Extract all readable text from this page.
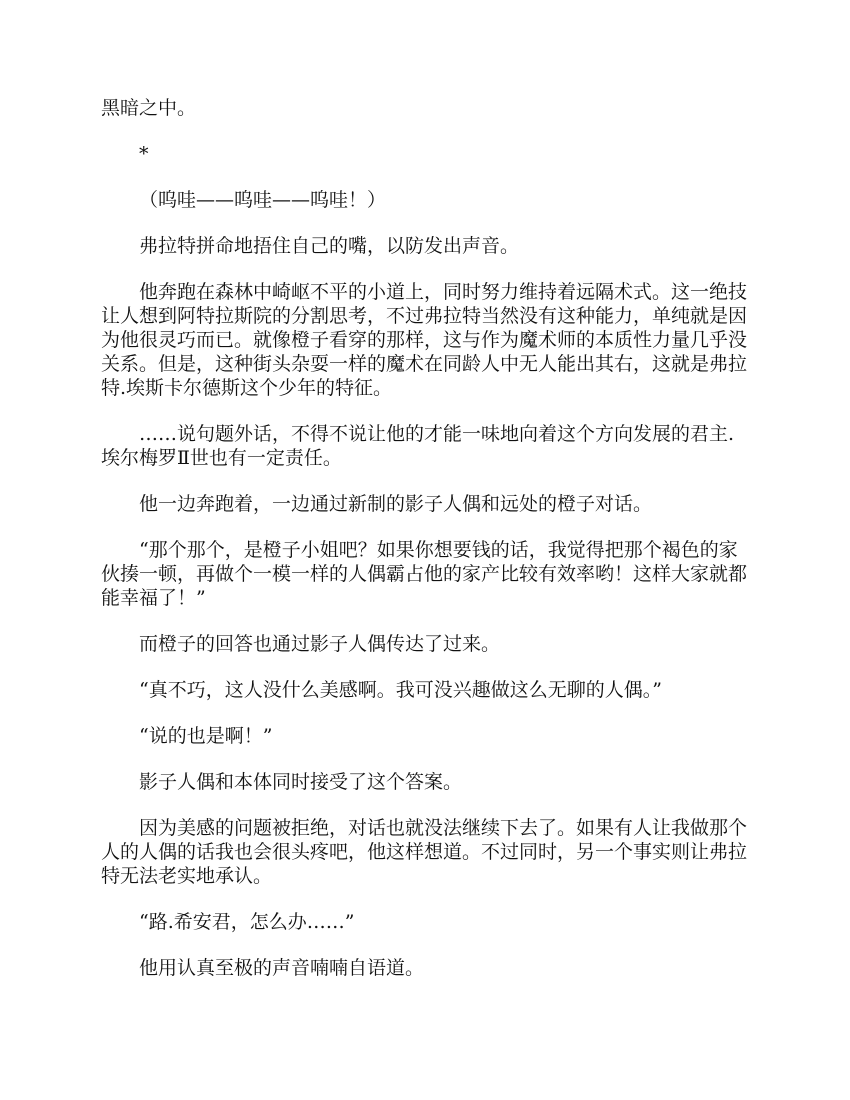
黑暗之中。

*

（呜哇——呜哇——呜哇！）

弗拉特拼命地捂住自己的嘴，以防发出声音。

他奔跑在森林中崎岖不平的小道上，同时努力维持着远隔术式。这一绝技让人想到阿特拉斯院的分割思考，不过弗拉特当然没有这种能力，单纯就是因为他很灵巧而已。就像橙子看穿的那样，这与作为魔术师的本质性力量几乎没关系。但是，这种街头杂耍一样的魔术在同龄人中无人能出其右，这就是弗拉特.埃斯卡尔德斯这个少年的特征。

……说句题外话，不得不说让他的才能一味地向着这个方向发展的君主.埃尔梅罗Ⅱ世也有一定责任。

他一边奔跑着，一边通过新制的影子人偶和远处的橙子对话。

“那个那个，是橙子小姐吧？如果你想要钱的话，我觉得把那个褐色的家伙揍一顿，再做个一模一样的人偶霸占他的家产比较有效率哟！这样大家就都能幸福了！”

而橙子的回答也通过影子人偶传达了过来。

“真不巧，这人没什么美感啊。我可没兴趣做这么无聊的人偶。”

“说的也是啊！”

影子人偶和本体同时接受了这个答案。

因为美感的问题被拒绝，对话也就没法继续下去了。如果有人让我做那个人的人偶的话我也会很头疼吧，他这样想道。不过同时，另一个事实则让弗拉特无法老实地承认。

“路.希安君，怎么办……”

他用认真至极的声音喃喃自语道。
